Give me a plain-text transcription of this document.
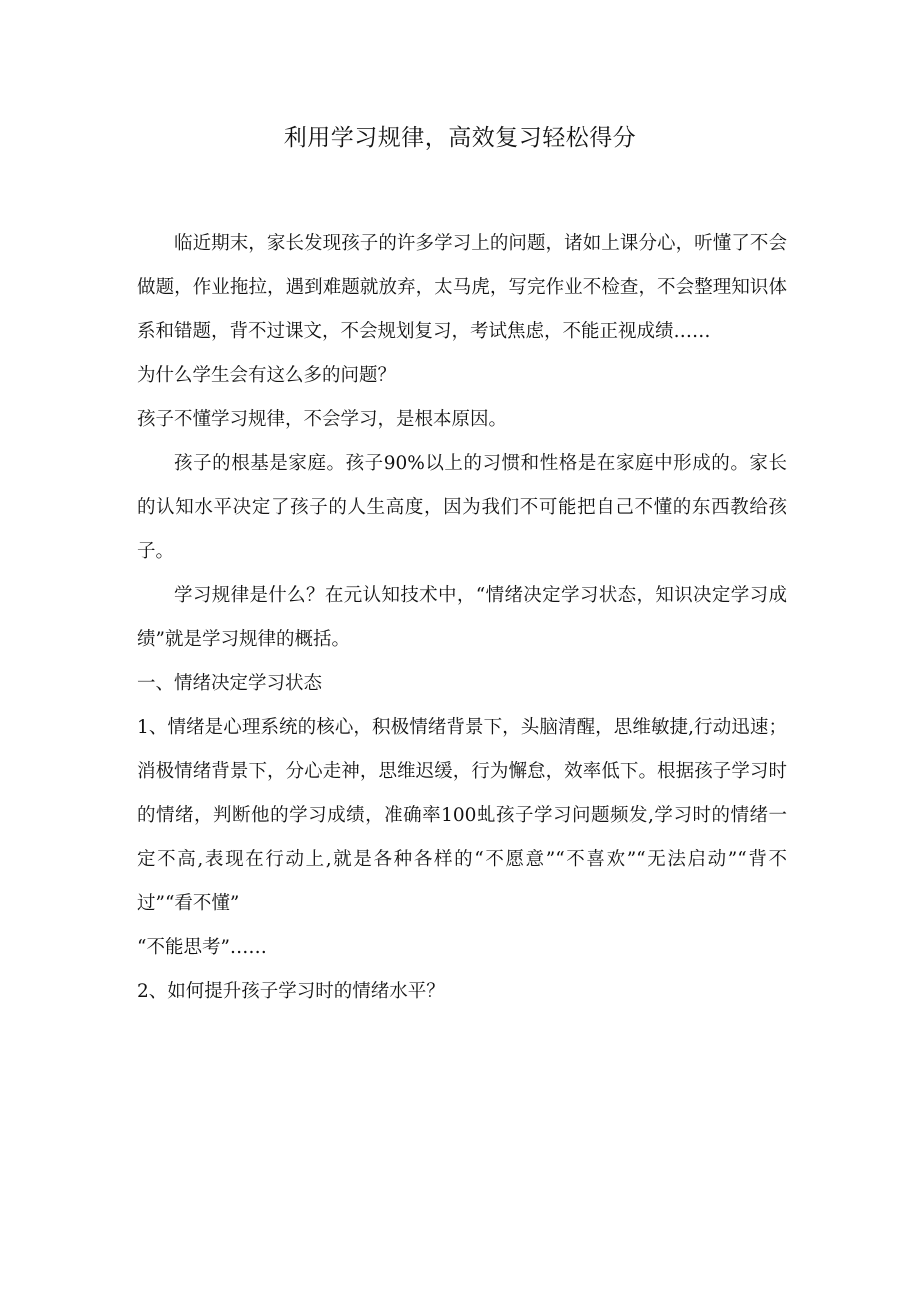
利用学习规律，高效复习轻松得分

临近期末，家长发现孩子的许多学习上的问题，诸如上课分心，听懂了不会做题，作业拖拉，遇到难题就放弃，太马虎，写完作业不检查，不会整理知识体系和错题，背不过课文，不会规划复习，考试焦虑，不能正视成绩……

为什么学生会有这么多的问题？

孩子不懂学习规律，不会学习，是根本原因。

孩子的根基是家庭。孩子90%以上的习惯和性格是在家庭中形成的。家长的认知水平决定了孩子的人生高度，因为我们不可能把自己不懂的东西教给孩子。

学习规律是什么？在元认知技术中，“情绪决定学习状态，知识决定学习成绩”就是学习规律的概括。

一、情绪决定学习状态

1、情绪是心理系统的核心，积极情绪背景下，头脑清醒，思维敏捷,行动迅速；消极情绪背景下，分心走神，思维迟缓，行为懈怠，效率低下。根据孩子学习时的情绪，判断他的学习成绩，准确率100虬孩子学习问题频发,学习时的情绪一定不高,表现在行动上,就是各种各样的“不愿意”“不喜欢”“无法启动”“背不过”“看不懂”

“不能思考”……

2、如何提升孩子学习时的情绪水平？
